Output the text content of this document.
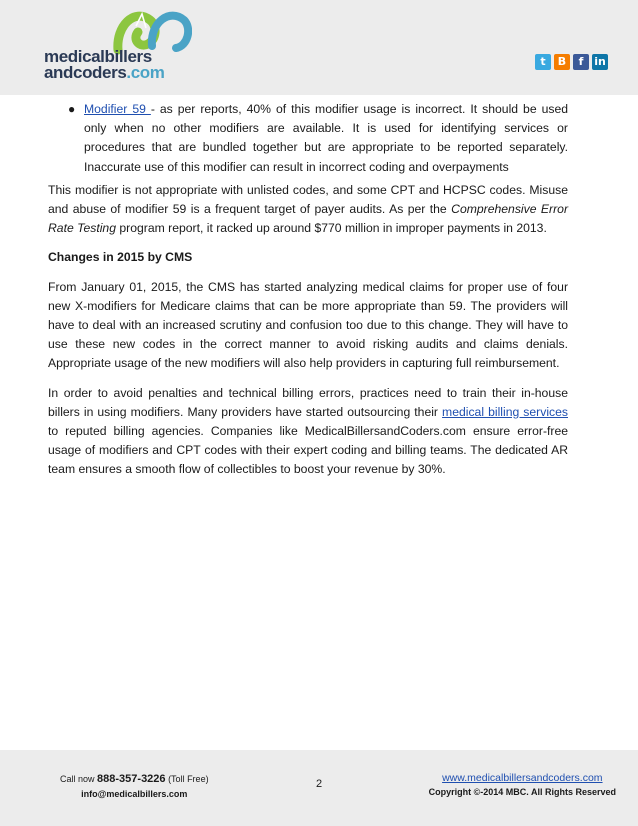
medicalbillers
andcoders.com
t	B	f in
● Modifier 59 - as per reports, 40% of this modifier usage is incorrect. It should be used only when no other modifiers are available. It is used for identifying services or procedures that are bundled together but are appropriate to be reported separately. Inaccurate use of this modifier can result in incorrect coding and overpayments

This modifier is not appropriate with unlisted codes, and some CPT and HCPSC codes. Misuse and abuse of modifier 59 is a frequent target of payer audits. As per the Comprehensive Error Rate Testing program report, it racked up around $770 million in improper payments in 2013.

Changes in 2015 by CMS

From January 01, 2015, the CMS has started analyzing medical claims for proper use of four new X-modifiers for Medicare claims that can be more appropriate than 59. The providers will have to deal with an increased scrutiny and confusion too due to this change. They will have to use these new codes in the correct manner to avoid risking audits and claims denials. Appropriate usage of the new modifiers will also help providers in capturing full reimbursement.

In order to avoid penalties and technical billing errors, practices need to train their in-house billers in using modifiers. Many providers have started outsourcing their medical billing services to reputed billing agencies. Companies like MedicalBillersandCoders.com ensure error-free usage of modifiers and CPT codes with their expert coding and billing teams. The dedicated AR team ensures a smooth flow of collectibles to boost your revenue by 30%.

Call now 888-357-3226 (Toll Free)
info@medicalbillers.com
2	www.medicalbillersandcoders.com
Copyright ©-2014 MBC. All Rights Reserved
